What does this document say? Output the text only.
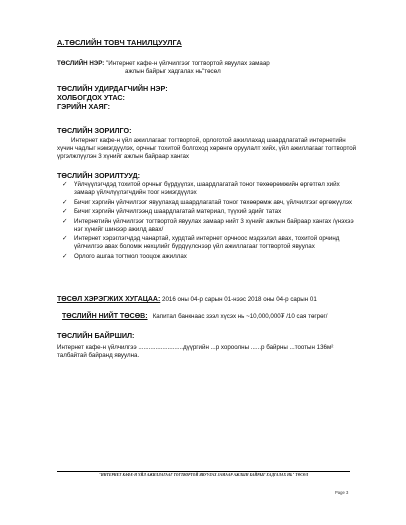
А.ТӨСЛИЙН ТОВЧ ТАНИЛЦУУЛГА
ТӨСЛИЙН НЭР: "Интернет кафе-н үйлчилгээг тогтвортой явуулах замаар
ажлын байрыг хадгалах нь"төсөл
ТӨСЛИЙН УДИРДАГЧИЙН НЭР:
ХОЛБОГДОХ УТАС:
ГЭРИЙН ХАЯГ:
ТӨСЛИЙН ЗОРИЛГО:
Интернет кафе-н үйл ажиллагааг тогтвортой, орлоготой ажиллахад шаардлагатай интернетийн хүчин чадлыг нэмэгдүүлэх, орчныг тохитой болгоход хөрөнгө оруулалт хийх, үйл ажиллагааг тогтвортой үргэлжлүүлэн 3 хүнийг ажлын байраар хангах
ТӨСЛИЙН ЗОРИЛТУУД:
✓ Үйлчүүлэгчдэд тохитой орчныг бүрдүүлэх, шаардлагатай тоног төхөөрөмжийн өргөтгөл хийх замаар үйлчлүүлэгчдийн тоог нэмэгдүүлэх
✓ Бичиг хэргийн үйлчилгээг явуулахад шаардлагатай тоног төхөөрөмж авч, үйлчилгээг өргөжүүлэх
✓ Бичиг хэргийн үйлчилгээнд шаардлагатай материал, түүхий эдийг татах
✓ Интернетийн үйлчилгээг тогтвортой явуулах замаар нийт 3 хүнийг ажлын байраар хангах /үнэхээ нэг хүнийг шинээр ажилд авах/
✓ Интернет хэрэглэгчдэд чанартай, хурдтай интернет орчноос мэдээлэл авах, тохитой орчинд үйлчилгээ авах боломж нөхцлийг бүрдүүлснээр үйл ажиллагааг тогтвортой явуулах
✓ Орлого ашгаа тогтмол тооцож ажиллах
ТӨСӨЛ ХЭРЭГЖИХ ХУГАЦАА: 2016 оны 04-р сарын 01-нээс 2018 оны 04-р сарын 01
ТӨСЛИЙН НИЙТ ТӨСӨВ: Капитал банкнаас зээл хүсэх нь ~10,000,000₮ /10 сая төгрөг/
ТӨСЛИЙН БАЙРШИЛ:
Интернет кафе-н үйлчилгээ ..........................дүүргийн ...р хороолны ......р байрны ...тоотын 136м² талбайтай байранд явуулна.
"ИНТЕРНЕТ КАФЕ-Н ҮЙЛ АЖИЛЛАГААГ ТОГТВОРТОЙ ЯВУУЛАХ ЗАМААР АЖЛЫН БАЙРЫГ ХАДГАЛАХ НЬ" ТӨСӨЛ
Page 3
